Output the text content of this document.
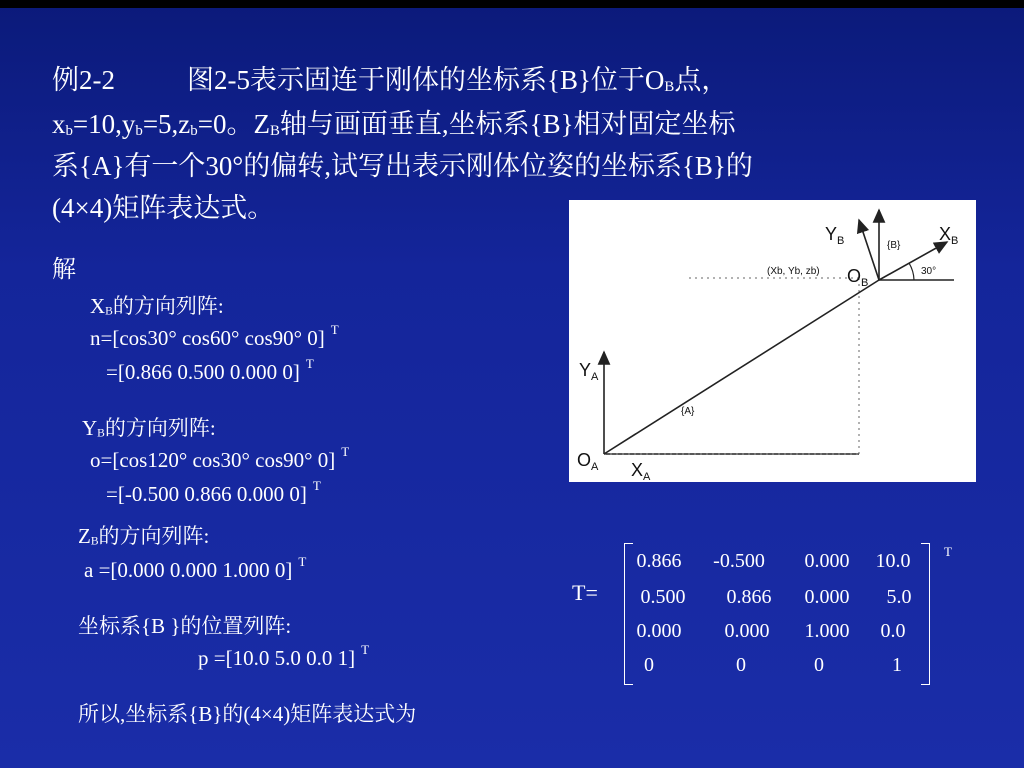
例2-2	图2-5表示固连于刚体的坐标系{B}位于OB点，
xb=10,yb=5,zb=0。ZB轴与画面垂直,坐标系{B}相对固定坐标
系{A}有一个30°的偏转,试写出表示刚体位姿的坐标系{B}的
(4×4)矩阵表达式。
解
XB的方向列阵:
n=[cos30° cos60° cos90° 0] $^T$
=[0.866 0.500 0.000 0] $^T$
YB的方向列阵:
o=[cos120° cos30° cos90° 0] $^T$
=[-0.500 0.866 0.000 0] $^T$
ZB的方向列阵:
a =[0.000 0.000 1.000 0] $^T$
坐标系{B }的位置列阵:
p =[10.0 5.0 0.0 1] $^T$
所以,坐标系{B}的(4×4)矩阵表达式为
$Y_A$
$O_A$ $X_A$
{A}
$Y_B$	$X_B$
$O_B$
{B}
(Xb, Yb, zb)	30°
T=
T
0.866	-0.500	0.000	10.0
0.500	0.866	0.000	5.0
0.000	0.000	1.000	0.0
0	0	0	1
